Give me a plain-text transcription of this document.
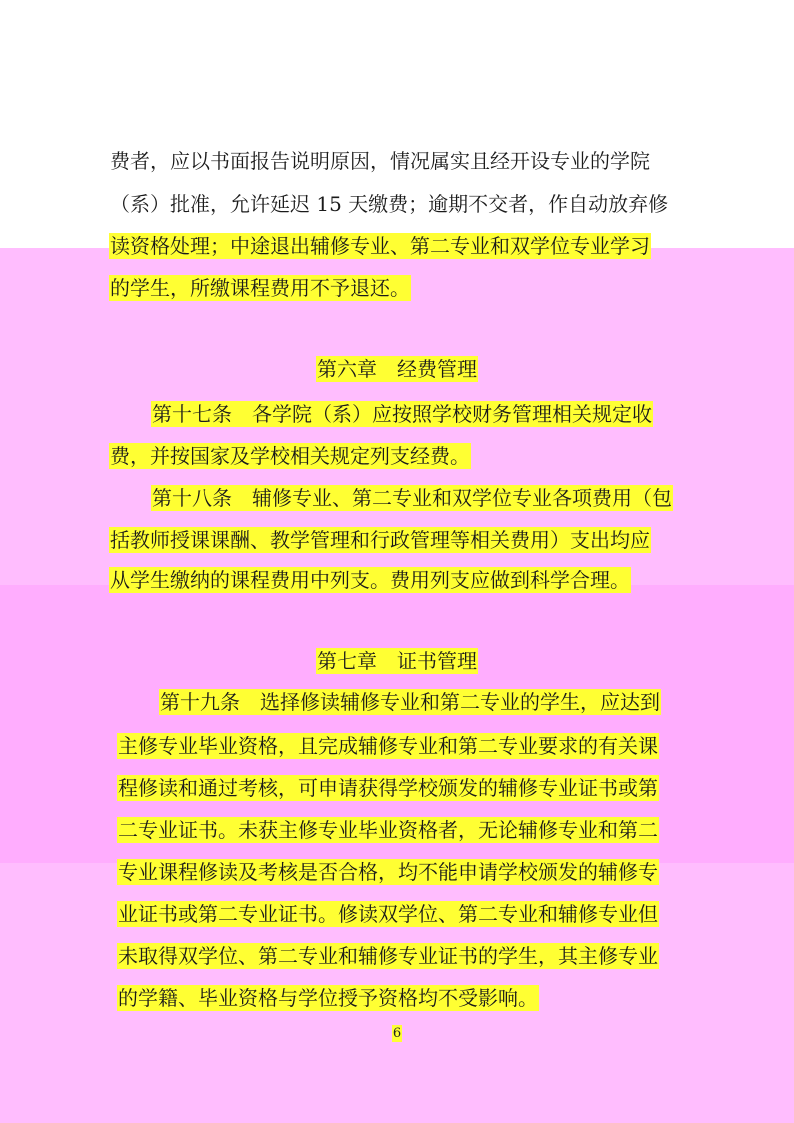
费者，应以书面报告说明原因，情况属实且经开设专业的学院
（系）批准，允许延迟 15 天缴费；逾期不交者，作自动放弃修
读资格处理；中途退出辅修专业、第二专业和双学位专业学习
的学生，所缴课程费用不予退还。
第六章　经费管理
第十七条　各学院（系）应按照学校财务管理相关规定收
费，并按国家及学校相关规定列支经费。
第十八条　辅修专业、第二专业和双学位专业各项费用（包
括教师授课课酬、教学管理和行政管理等相关费用）支出均应
从学生缴纳的课程费用中列支。费用列支应做到科学合理。
第七章　证书管理
第十九条　选择修读辅修专业和第二专业的学生，应达到
主修专业毕业资格，且完成辅修专业和第二专业要求的有关课
程修读和通过考核，可申请获得学校颁发的辅修专业证书或第
二专业证书。未获主修专业毕业资格者，无论辅修专业和第二
专业课程修读及考核是否合格，均不能申请学校颁发的辅修专
业证书或第二专业证书。修读双学位、第二专业和辅修专业但
未取得双学位、第二专业和辅修专业证书的学生，其主修专业
的学籍、毕业资格与学位授予资格均不受影响。
6
